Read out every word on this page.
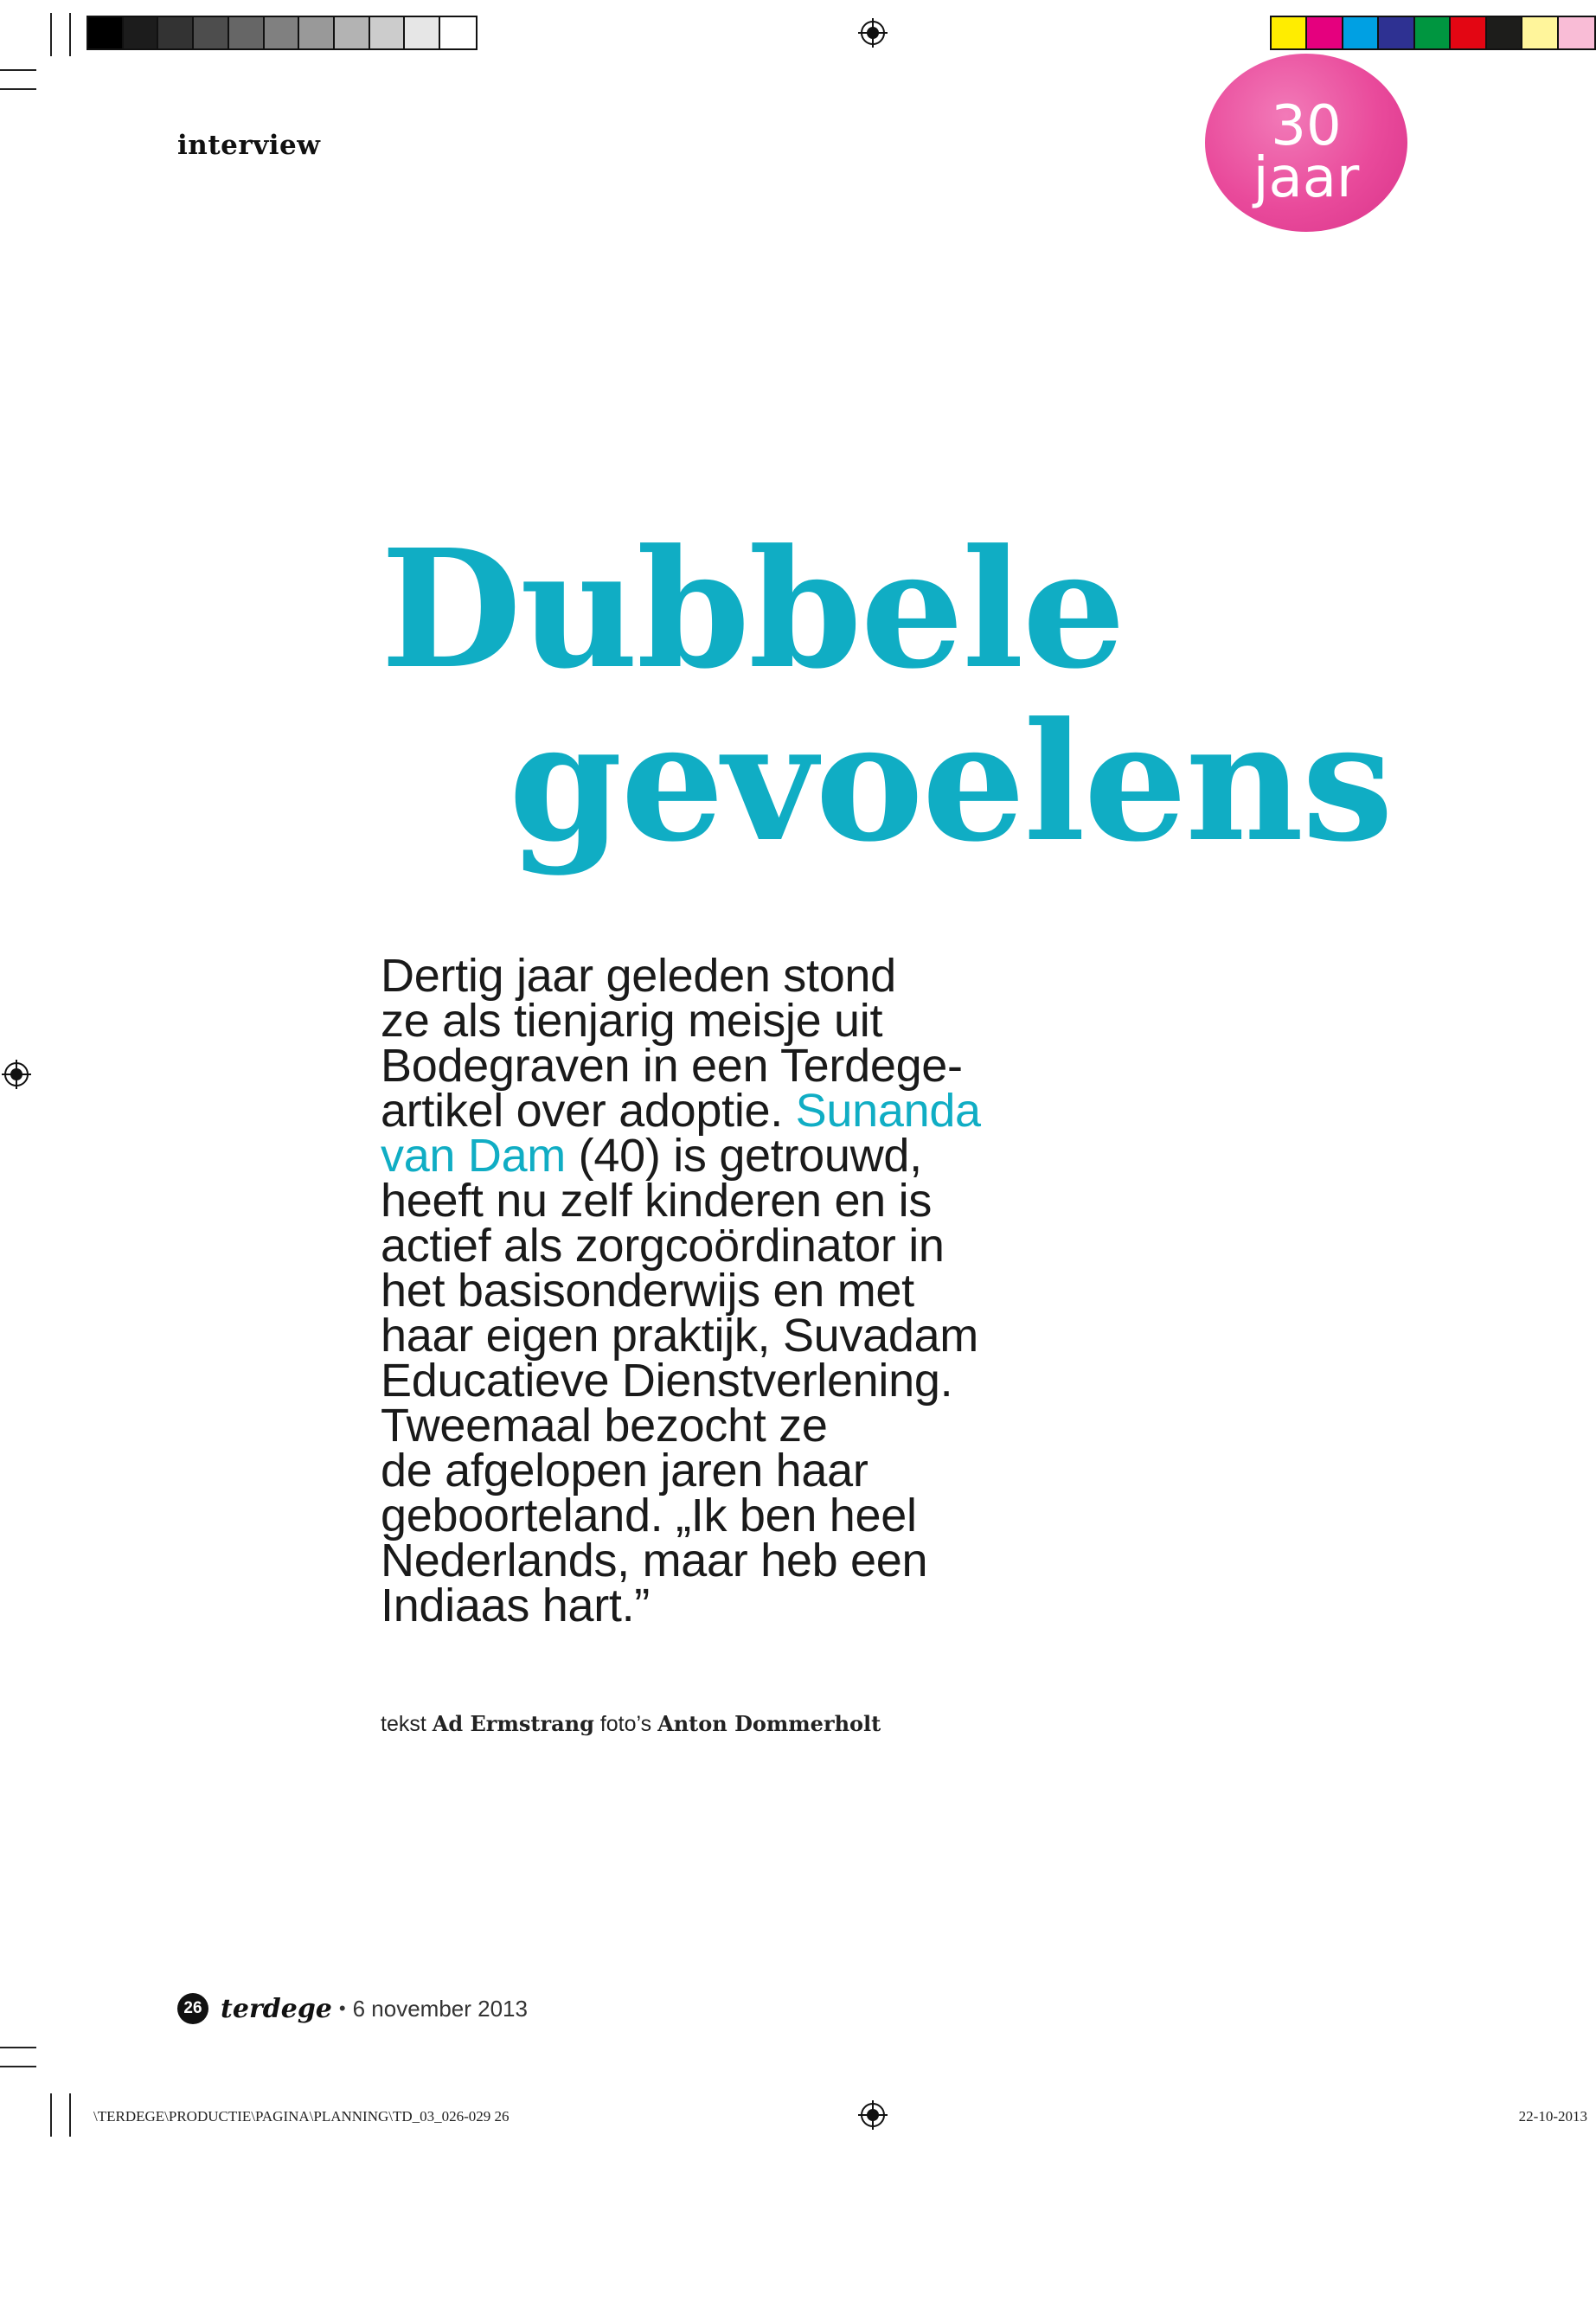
interview	30
jaar
Dubbele
gevoelens
Dertig jaar geleden stond
ze als tienjarig meisje uit
Bodegraven in een Terdege-
artikel over adoptie. Sunanda
van Dam (40) is getrouwd,
heeft nu zelf kinderen en is
actief als zorgcoördinator in
het basisonderwijs en met
haar eigen praktijk, Suvadam
Educatieve Dienstverlening.
Tweemaal bezocht ze
de afgelopen jaren haar
geboorteland. „Ik ben heel
Nederlands, maar heb een
Indiaas hart.”
tekst Ad Ermstrang foto’s Anton Dommerholt
26 terdege • 6 november 2013
\TERDEGE\PRODUCTIE\PAGINA\PLANNING\TD_03_026-029 26	22-10-2013
